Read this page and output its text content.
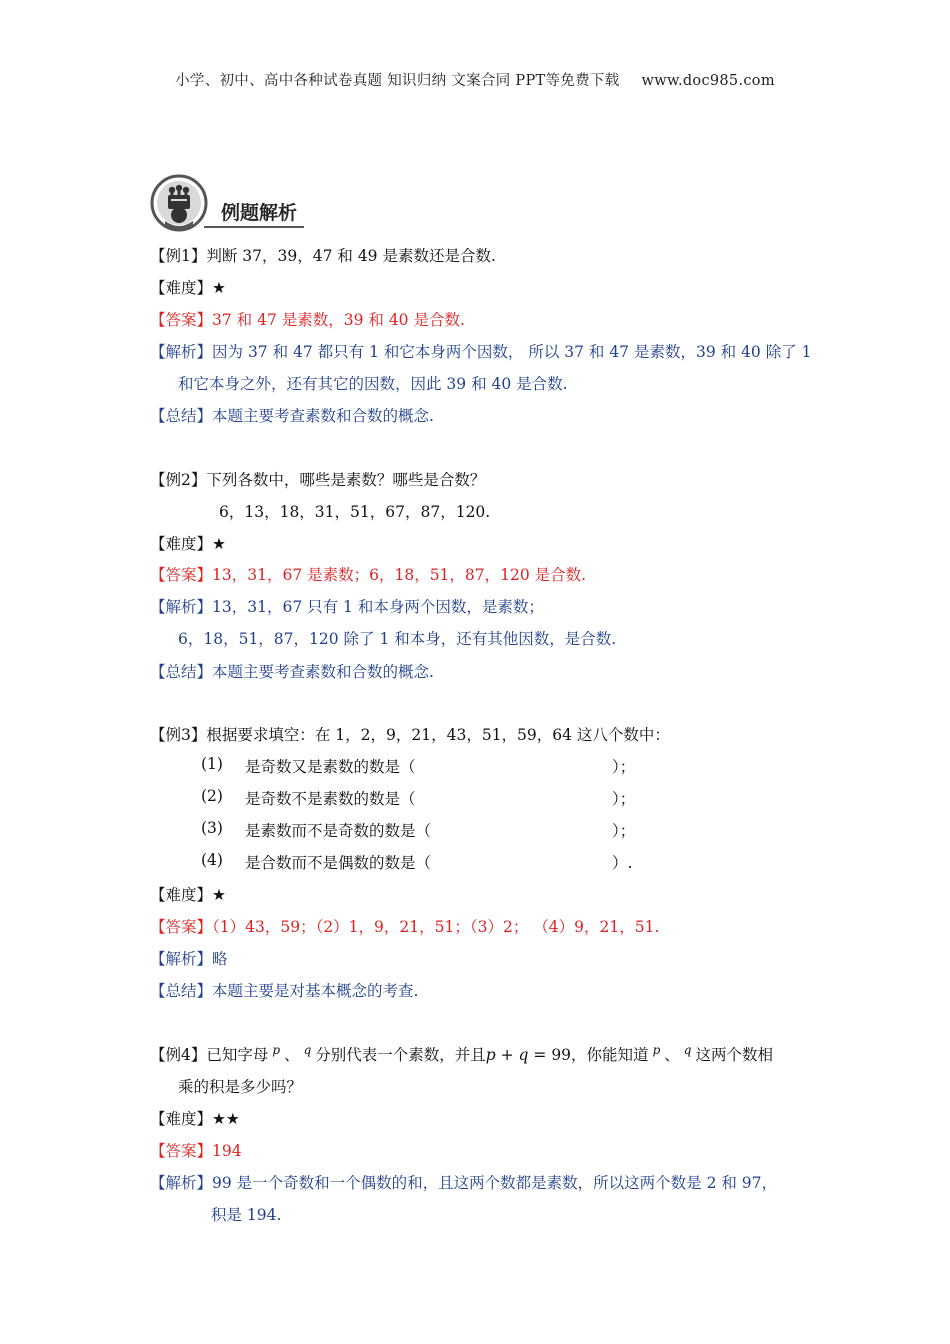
小学、初中、高中各种试卷真题 知识归纳 文案合同 PPT等免费下载 www.doc985.com
例题解析
【例1】判断 37，39，47 和 49 是素数还是合数.
【难度】★
【答案】37 和 47 是素数，39 和 40 是合数.
【解析】因为 37 和 47 都只有 1 和它本身两个因数， 所以 37 和 47 是素数，39 和 40 除了 1
和它本身之外，还有其它的因数，因此 39 和 40 是合数.
【总结】本题主要考查素数和合数的概念.
【例2】下列各数中，哪些是素数？哪些是合数？
6，13，18，31，51，67，87，120.
【难度】★
【答案】13，31，67 是素数；6，18，51，87，120 是合数.
【解析】13，31，67 只有 1 和本身两个因数，是素数；
6，18，51，87，120 除了 1 和本身，还有其他因数，是合数.
【总结】本题主要考查素数和合数的概念.
【例3】根据要求填空：在 1，2，9，21，43，51，59，64 这八个数中：
(1) 是奇数又是素数的数是（	）；
(2) 是奇数不是素数的数是（	）；
(3) 是素数而不是奇数的数是（	）；
(4) 是合数而不是偶数的数是（	）.
【难度】★
【答案】（1）43，59；（2）1，9，21，51；（3）2； （4）9，21，51.
【解析】略
【总结】本题主要是对基本概念的考查.
【例4】已知字母 $^p$ 、 $^q$ 分别代表一个素数，并且p + q = 99，你能知道 $^p$ 、 $^q$ 这两个数相
乘的积是多少吗？
【难度】★★
【答案】194
【解析】99 是一个奇数和一个偶数的和，且这两个数都是素数，所以这两个数是 2 和 97，
积是 194.
